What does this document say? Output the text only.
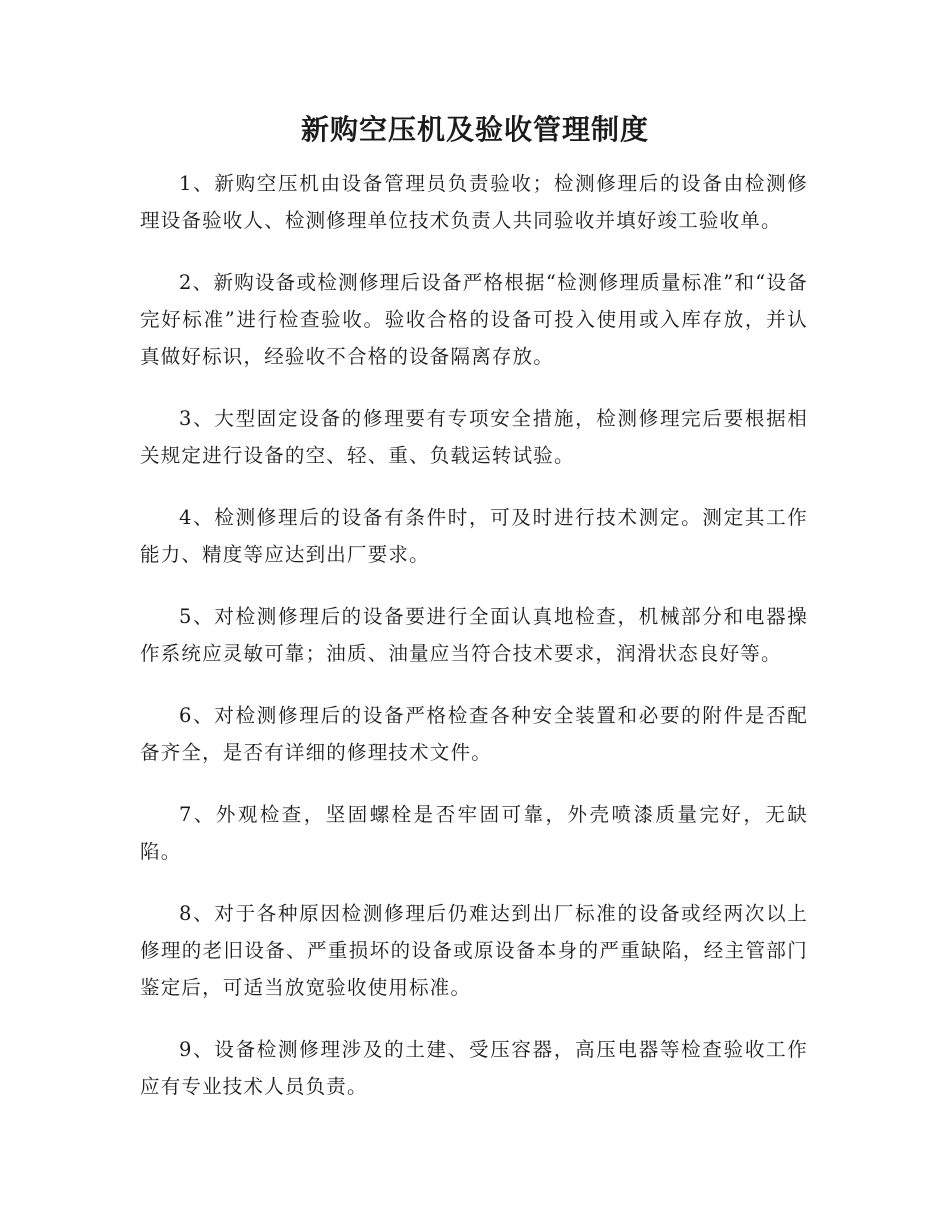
新购空压机及验收管理制度

1、新购空压机由设备管理员负责验收；检测修理后的设备由检测修理设备验收人、检测修理单位技术负责人共同验收并填好竣工验收单。

2、新购设备或检测修理后设备严格根据“检测修理质量标准”和“设备完好标准”进行检查验收。验收合格的设备可投入使用或入库存放，并认真做好标识，经验收不合格的设备隔离存放。

3、大型固定设备的修理要有专项安全措施，检测修理完后要根据相关规定进行设备的空、轻、重、负载运转试验。

4、检测修理后的设备有条件时，可及时进行技术测定。测定其工作能力、精度等应达到出厂要求。

5、对检测修理后的设备要进行全面认真地检查，机械部分和电器操作系统应灵敏可靠；油质、油量应当符合技术要求，润滑状态良好等。

6、对检测修理后的设备严格检查各种安全装置和必要的附件是否配备齐全，是否有详细的修理技术文件。

7、外观检查，坚固螺栓是否牢固可靠，外壳喷漆质量完好，无缺陷。

8、对于各种原因检测修理后仍难达到出厂标准的设备或经两次以上修理的老旧设备、严重损坏的设备或原设备本身的严重缺陷，经主管部门鉴定后，可适当放宽验收使用标准。

9、设备检测修理涉及的土建、受压容器，高压电器等检查验收工作应有专业技术人员负责。
